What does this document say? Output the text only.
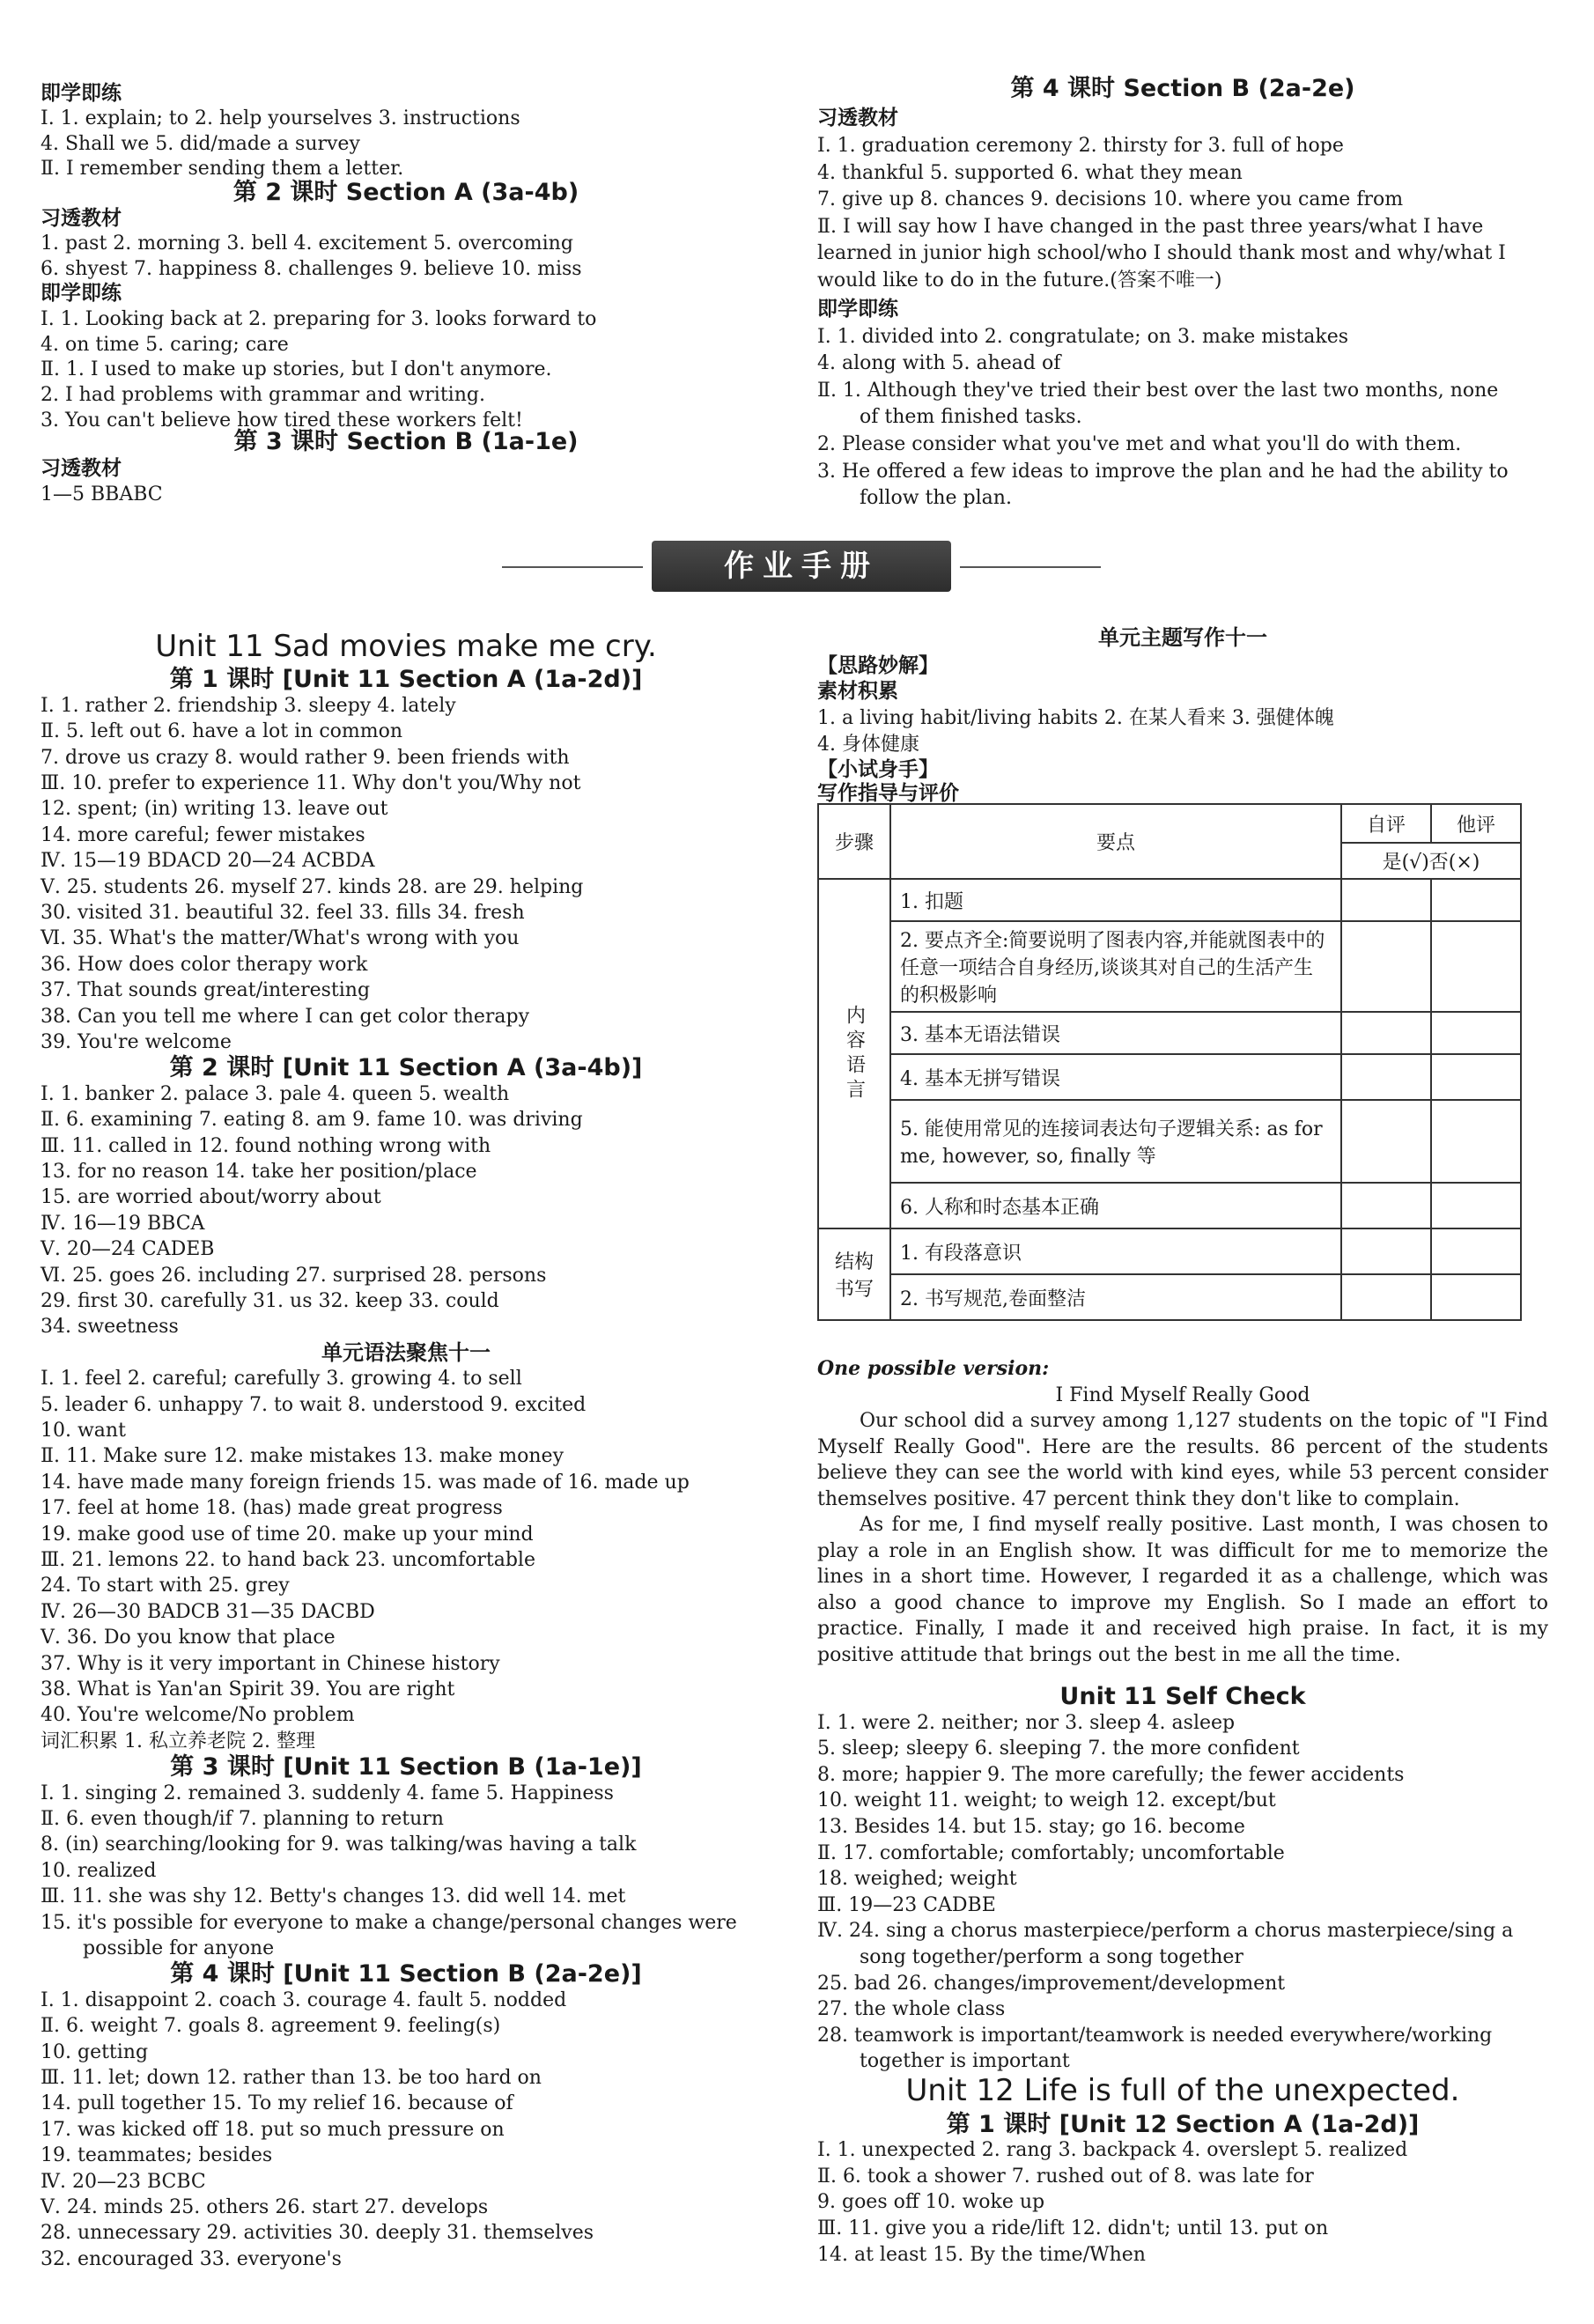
即学即练
Ⅰ. 1. explain; to 2. help yourselves 3. instructions
4. Shall we 5. did/made a survey
Ⅱ. I remember sending them a letter.
第 2 课时 Section A (3a-4b)
习透教材
1. past 2. morning 3. bell 4. excitement 5. overcoming
6. shyest 7. happiness 8. challenges 9. believe 10. miss
即学即练
Ⅰ. 1. Looking back at 2. preparing for 3. looks forward to
4. on time 5. caring; care
Ⅱ. 1. I used to make up stories, but I don't anymore.
2. I had problems with grammar and writing.
3. You can't believe how tired these workers felt!
第 3 课时 Section B (1a-1e)
习透教材
1—5 BBABC
第 4 课时 Section B (2a-2e)
习透教材
Ⅰ. 1. graduation ceremony 2. thirsty for 3. full of hope
4. thankful 5. supported 6. what they mean
7. give up 8. chances 9. decisions 10. where you came from
Ⅱ. I will say how I have changed in the past three years/what I have
learned in junior high school/who I should thank most and why/what I
would like to do in the future.(答案不唯一)
即学即练
Ⅰ. 1. divided into 2. congratulate; on 3. make mistakes
4. along with 5. ahead of
Ⅱ. 1. Although they've tried their best over the last two months, none
of them finished tasks.
2. Please consider what you've met and what you'll do with them.
3. He offered a few ideas to improve the plan and he had the ability to
follow the plan.
作业手册
Unit 11 Sad movies make me cry.
第 1 课时 [Unit 11 Section A (1a-2d)]
Ⅰ. 1. rather 2. friendship 3. sleepy 4. lately
Ⅱ. 5. left out 6. have a lot in common
7. drove us crazy 8. would rather 9. been friends with
Ⅲ. 10. prefer to experience 11. Why don't you/Why not
12. spent; (in) writing 13. leave out
14. more careful; fewer mistakes
Ⅳ. 15—19 BDACD 20—24 ACBDA
Ⅴ. 25. students 26. myself 27. kinds 28. are 29. helping
30. visited 31. beautiful 32. feel 33. fills 34. fresh
Ⅵ. 35. What's the matter/What's wrong with you
36. How does color therapy work
37. That sounds great/interesting
38. Can you tell me where I can get color therapy
39. You're welcome
第 2 课时 [Unit 11 Section A (3a-4b)]
Ⅰ. 1. banker 2. palace 3. pale 4. queen 5. wealth
Ⅱ. 6. examining 7. eating 8. am 9. fame 10. was driving
Ⅲ. 11. called in 12. found nothing wrong with
13. for no reason 14. take her position/place
15. are worried about/worry about
Ⅳ. 16—19 BBCA
Ⅴ. 20—24 CADEB
Ⅵ. 25. goes 26. including 27. surprised 28. persons
29. first 30. carefully 31. us 32. keep 33. could
34. sweetness
单元语法聚焦十一
Ⅰ. 1. feel 2. careful; carefully 3. growing 4. to sell
5. leader 6. unhappy 7. to wait 8. understood 9. excited
10. want
Ⅱ. 11. Make sure 12. make mistakes 13. make money
14. have made many foreign friends 15. was made of 16. made up
17. feel at home 18. (has) made great progress
19. make good use of time 20. make up your mind
Ⅲ. 21. lemons 22. to hand back 23. uncomfortable
24. To start with 25. grey
Ⅳ. 26—30 BADCB 31—35 DACBD
Ⅴ. 36. Do you know that place
37. Why is it very important in Chinese history
38. What is Yan'an Spirit 39. You are right
40. You're welcome/No problem
词汇积累 1. 私立养老院 2. 整理
第 3 课时 [Unit 11 Section B (1a-1e)]
Ⅰ. 1. singing 2. remained 3. suddenly 4. fame 5. Happiness
Ⅱ. 6. even though/if 7. planning to return
8. (in) searching/looking for 9. was talking/was having a talk
10. realized
Ⅲ. 11. she was shy 12. Betty's changes 13. did well 14. met
15. it's possible for everyone to make a change/personal changes were
possible for anyone
第 4 课时 [Unit 11 Section B (2a-2e)]
Ⅰ. 1. disappoint 2. coach 3. courage 4. fault 5. nodded
Ⅱ. 6. weight 7. goals 8. agreement 9. feeling(s)
10. getting
Ⅲ. 11. let; down 12. rather than 13. be too hard on
14. pull together 15. To my relief 16. because of
17. was kicked off 18. put so much pressure on
19. teammates; besides
Ⅳ. 20—23 BCBC
Ⅴ. 24. minds 25. others 26. start 27. develops
28. unnecessary 29. activities 30. deeply 31. themselves
32. encouraged 33. everyone's
单元主题写作十一
【思路妙解】
素材积累
1. a living habit/living habits 2. 在某人看来 3. 强健体魄
4. 身体健康
【小试身手】
写作指导与评价
步骤	要点	自评	他评
		是(√)否(×)	
内容语言	1. 扣题		
	2. 要点齐全:简要说明了图表内容,并能就图表中的任意一项结合自身经历,谈谈其对自己的生活产生的积极影响		
	3. 基本无语法错误		
	4. 基本无拼写错误		
	5. 能使用常见的连接词表达句子逻辑关系: as for me, however, so, finally 等		
	6. 人称和时态基本正确		
结构书写	1. 有段落意识		
	2. 书写规范,卷面整洁		
One possible version:
I Find Myself Really Good

Our school did a survey among 1,127 students on the topic of "I Find Myself Really Good". Here are the results. 86 percent of the students believe they can see the world with kind eyes, while 53 percent consider themselves positive. 47 percent think they don't like to complain.

As for me, I find myself really positive. Last month, I was chosen to play a role in an English show. It was difficult for me to memorize the lines in a short time. However, I regarded it as a challenge, which was also a good chance to improve my English. So I made an effort to practice. Finally, I made it and received high praise. In fact, it is my positive attitude that brings out the best in me all the time.

Unit 11 Self Check
Ⅰ. 1. were 2. neither; nor 3. sleep 4. asleep
5. sleep; sleepy 6. sleeping 7. the more confident
8. more; happier 9. The more carefully; the fewer accidents
10. weight 11. weight; to weigh 12. except/but
13. Besides 14. but 15. stay; go 16. become
Ⅱ. 17. comfortable; comfortably; uncomfortable
18. weighed; weight
Ⅲ. 19—23 CADBE
Ⅳ. 24. sing a chorus masterpiece/perform a chorus masterpiece/sing a
song together/perform a song together
25. bad 26. changes/improvement/development
27. the whole class
28. teamwork is important/teamwork is needed everywhere/working
together is important
Unit 12 Life is full of the unexpected.
第 1 课时 [Unit 12 Section A (1a-2d)]
Ⅰ. 1. unexpected 2. rang 3. backpack 4. overslept 5. realized
Ⅱ. 6. took a shower 7. rushed out of 8. was late for
9. goes off 10. woke up
Ⅲ. 11. give you a ride/lift 12. didn't; until 13. put on
14. at least 15. By the time/When
